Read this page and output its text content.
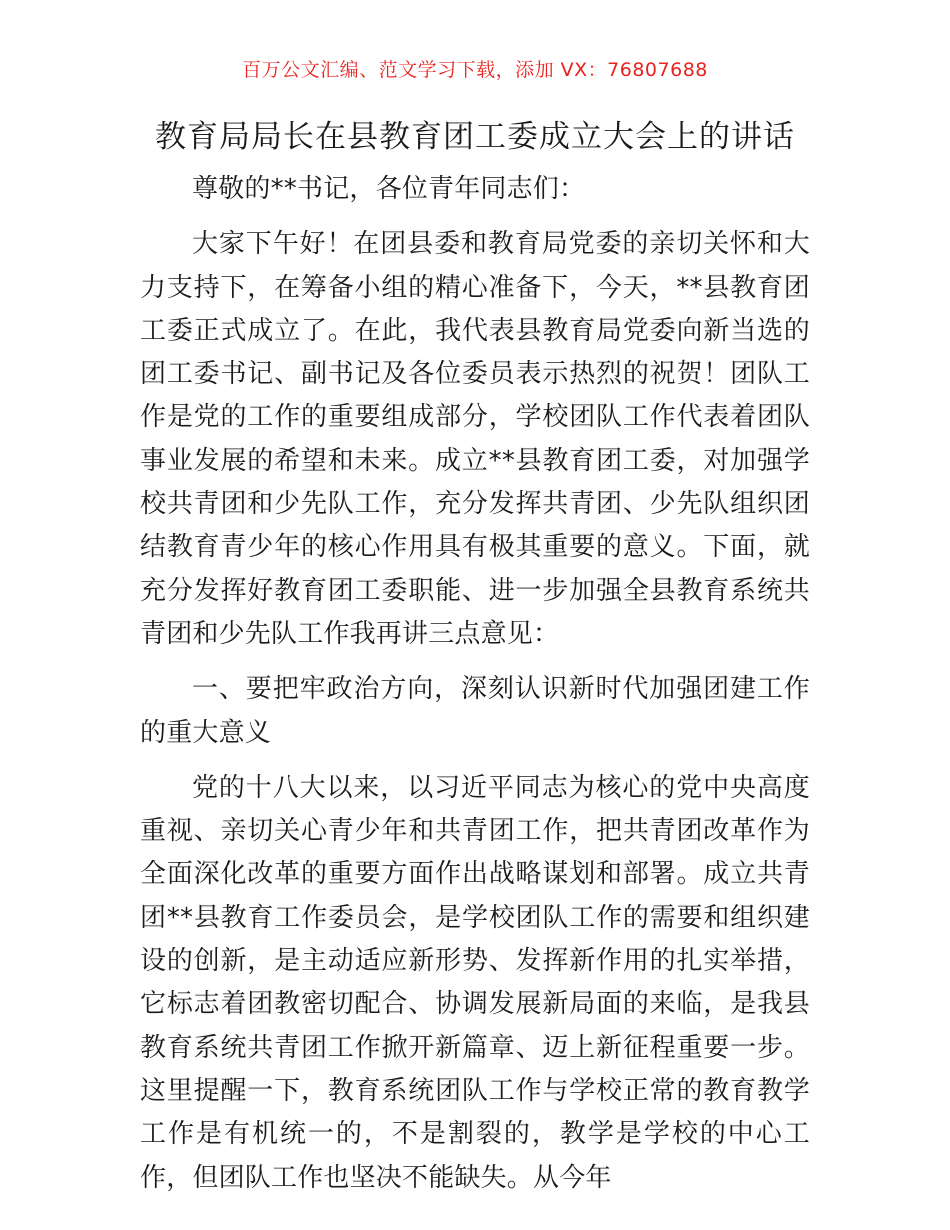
百万公文汇编、范文学习下载，添加 VX：76807688
教育局局长在县教育团工委成立大会上的讲话

尊敬的**书记，各位青年同志们：

大家下午好！在团县委和教育局党委的亲切关怀和大力支持下，在筹备小组的精心准备下，今天，**县教育团工委正式成立了。在此，我代表县教育局党委向新当选的团工委书记、副书记及各位委员表示热烈的祝贺！团队工作是党的工作的重要组成部分，学校团队工作代表着团队事业发展的希望和未来。成立**县教育团工委，对加强学校共青团和少先队工作，充分发挥共青团、少先队组织团结教育青少年的核心作用具有极其重要的意义。下面，就充分发挥好教育团工委职能、进一步加强全县教育系统共青团和少先队工作我再讲三点意见：

一、要把牢政治方向，深刻认识新时代加强团建工作的重大意义

党的十八大以来，以习近平同志为核心的党中央高度重视、亲切关心青少年和共青团工作，把共青团改革作为全面深化改革的重要方面作出战略谋划和部署。成立共青团**县教育工作委员会，是学校团队工作的需要和组织建设的创新，是主动适应新形势、发挥新作用的扎实举措，它标志着团教密切配合、协调发展新局面的来临，是我县教育系统共青团工作掀开新篇章、迈上新征程重要一步。这里提醒一下，教育系统团队工作与学校正常的教育教学工作是有机统一的，不是割裂的，教学是学校的中心工作，但团队工作也坚决不能缺失。从今年
